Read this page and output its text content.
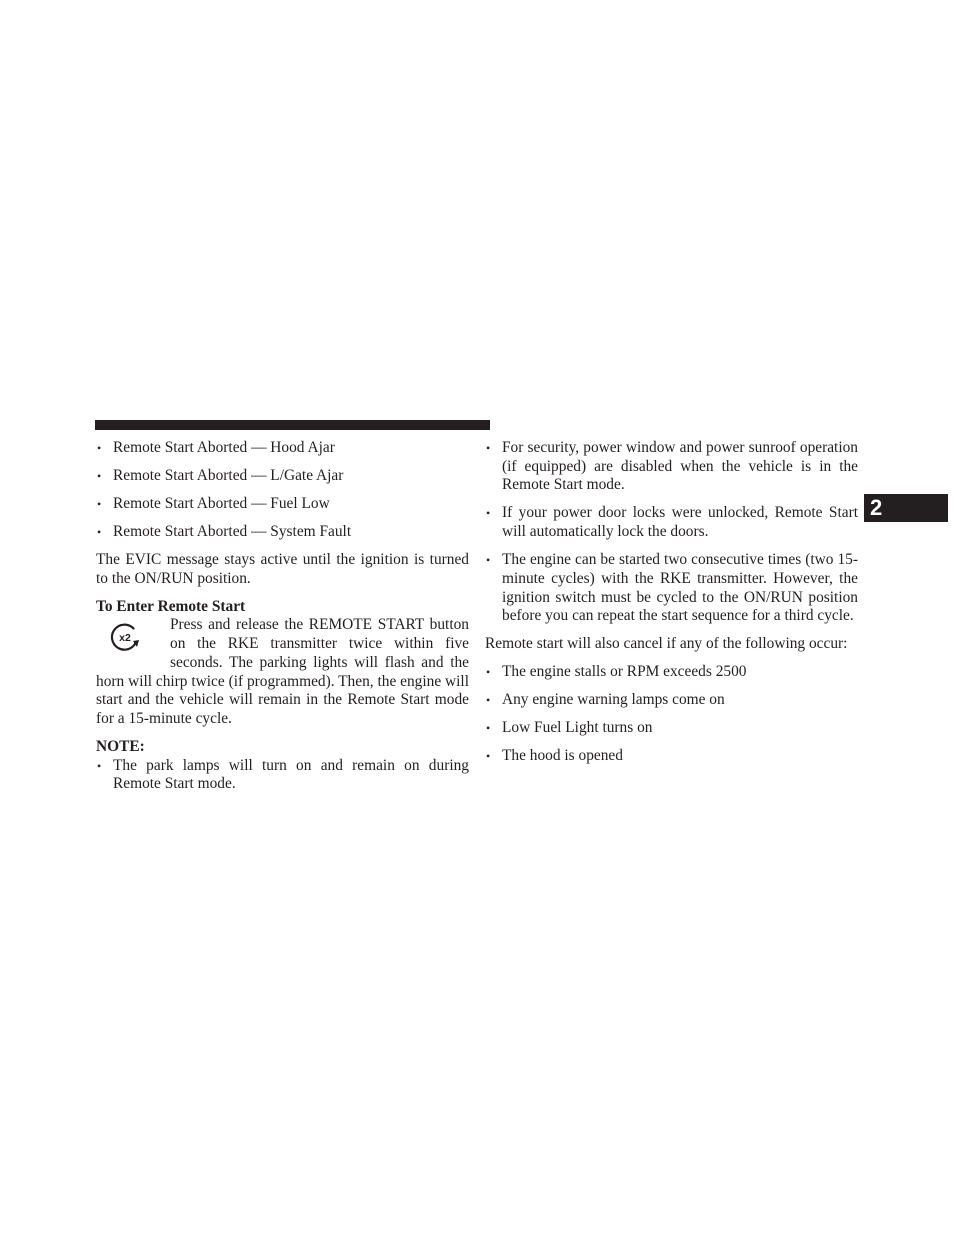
2
• Remote Start Aborted — Hood Ajar
• Remote Start Aborted — L/Gate Ajar
• Remote Start Aborted — Fuel Low
• Remote Start Aborted — System Fault

The EVIC message stays active until the ignition is turned to the ON/RUN position.

To Enter Remote Start

x2
Press and release the REMOTE START button on the RKE transmitter twice within five seconds. The parking lights will flash and the horn will chirp twice (if programmed). Then, the engine will start and the vehicle will remain in the Remote Start mode for a 15-minute cycle.

NOTE:

• The park lamps will turn on and remain on during Remote Start mode.
• For security, power window and power sunroof operation (if equipped) are disabled when the vehicle is in the Remote Start mode.
• If your power door locks were unlocked, Remote Start will automatically lock the doors.
• The engine can be started two consecutive times (two 15-minute cycles) with the RKE transmitter. However, the ignition switch must be cycled to the ON/RUN position before you can repeat the start sequence for a third cycle.

Remote start will also cancel if any of the following occur:

• The engine stalls or RPM exceeds 2500
• Any engine warning lamps come on
• Low Fuel Light turns on
• The hood is opened
